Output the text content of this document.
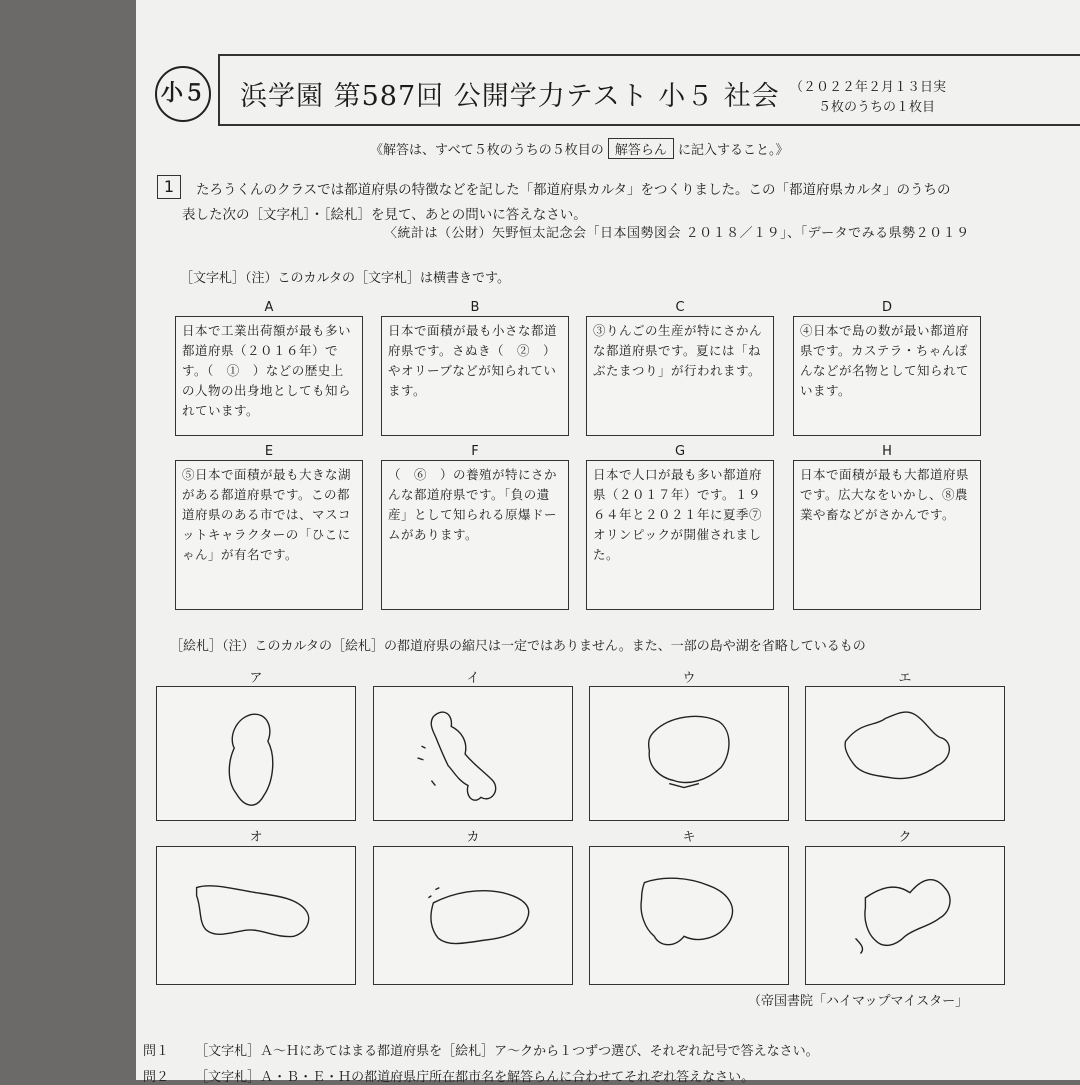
小５ 浜学園 第587回 公開学力テスト 小５ 社会 （２０２２年２月１３日実
５枚のうちの１枚目
《解答は、すべて５枚のうちの５枚目の 解答らん に記入すること。》
1	たろうくんのクラスでは都道府県の特徴などを記した「都道府県カルタ」をつくりました。この「都道府県カルタ」のうちの
表した次の［文字札］・［絵札］を見て、あとの問いに答えなさい。
〈統計は（公財）矢野恒太記念会「日本国勢図会 ２０１８／１９」、「データでみる県勢２０１９
［文字札］（注）このカルタの［文字札］は横書きです。
A
日本で工業出荷額が最も多い都道府県（２０１６年）です。（　①　）などの歴史上の人物の出身地としても知られています。
B
日本で面積が最も小さな都道府県です。さぬき（　②　）やオリーブなどが知られています。
C
③りんごの生産が特にさかんな都道府県です。夏には「ねぶたまつり」が行われます。
D
④日本で島の数が最い都道府県です。カステラ・ちゃんぽんなどが名物として知られています。
E
⑤日本で面積が最も大きな湖がある都道府県です。この都道府県のある市では、マスコットキャラクターの「ひこにゃん」が有名です。
F
（　⑥　）の養殖が特にさかんな都道府県です。「負の遺産」として知られる原爆ドームがあります。
G
日本で人口が最も多い都道府県（２０１７年）です。１９６４年と２０２１年に夏季⑦オリンピックが開催されました。
H
日本で面積が最も大都道府県です。広大なをいかし、⑧農業や畜などがさかんです。
［絵札］（注）このカルタの［絵札］の都道府県の縮尺は一定ではありません。また、一部の島や湖を省略しているもの
ア	イ	ウ	エ
オ	カ	キ	ク
（帝国書院「ハイマップマイスター」
問１ ［文字札］Ａ～Ｈにあてはまる都道府県を［絵札］ア～クから１つずつ選び、それぞれ記号で答えなさい。
問２ ［文字札］Ａ・Ｂ・Ｅ・Ｈの都道府県庁所在都市名を解答らんに合わせてそれぞれ答えなさい。
